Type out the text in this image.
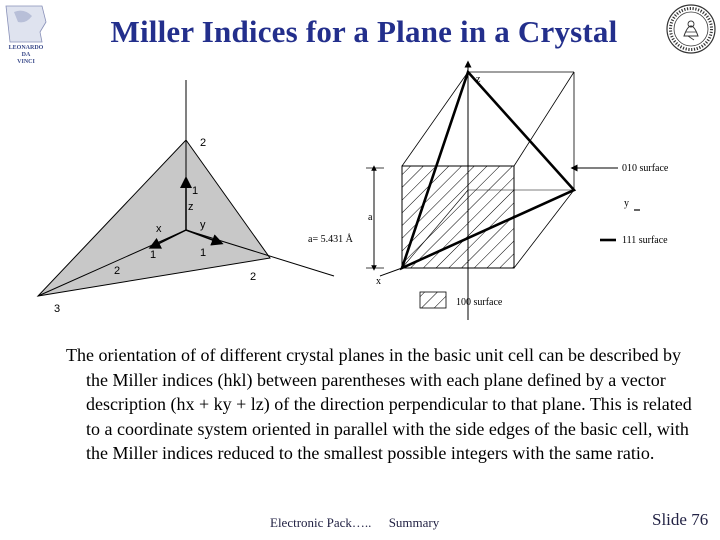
Miller Indices for a Plane in a Crystal
LEONARDO
DA
VINCI
2
1
z
y
x
1	1
2	2
3
z
a
a= 5.431 Å
x
y
010 surface
111 surface
100 surface

The orientation of of different crystal planes in the basic unit cell can be described by the Miller indices (hkl) between parentheses with each plane defined by a vector description (hx + ky + lz) of the direction perpendicular to that plane. This is related to a coordinate system oriented in parallel with the side edges of the basic cell, with the Miller indices reduced to the smallest possible integers with the same ratio.

Electronic Pack….. Summary	Slide 76
